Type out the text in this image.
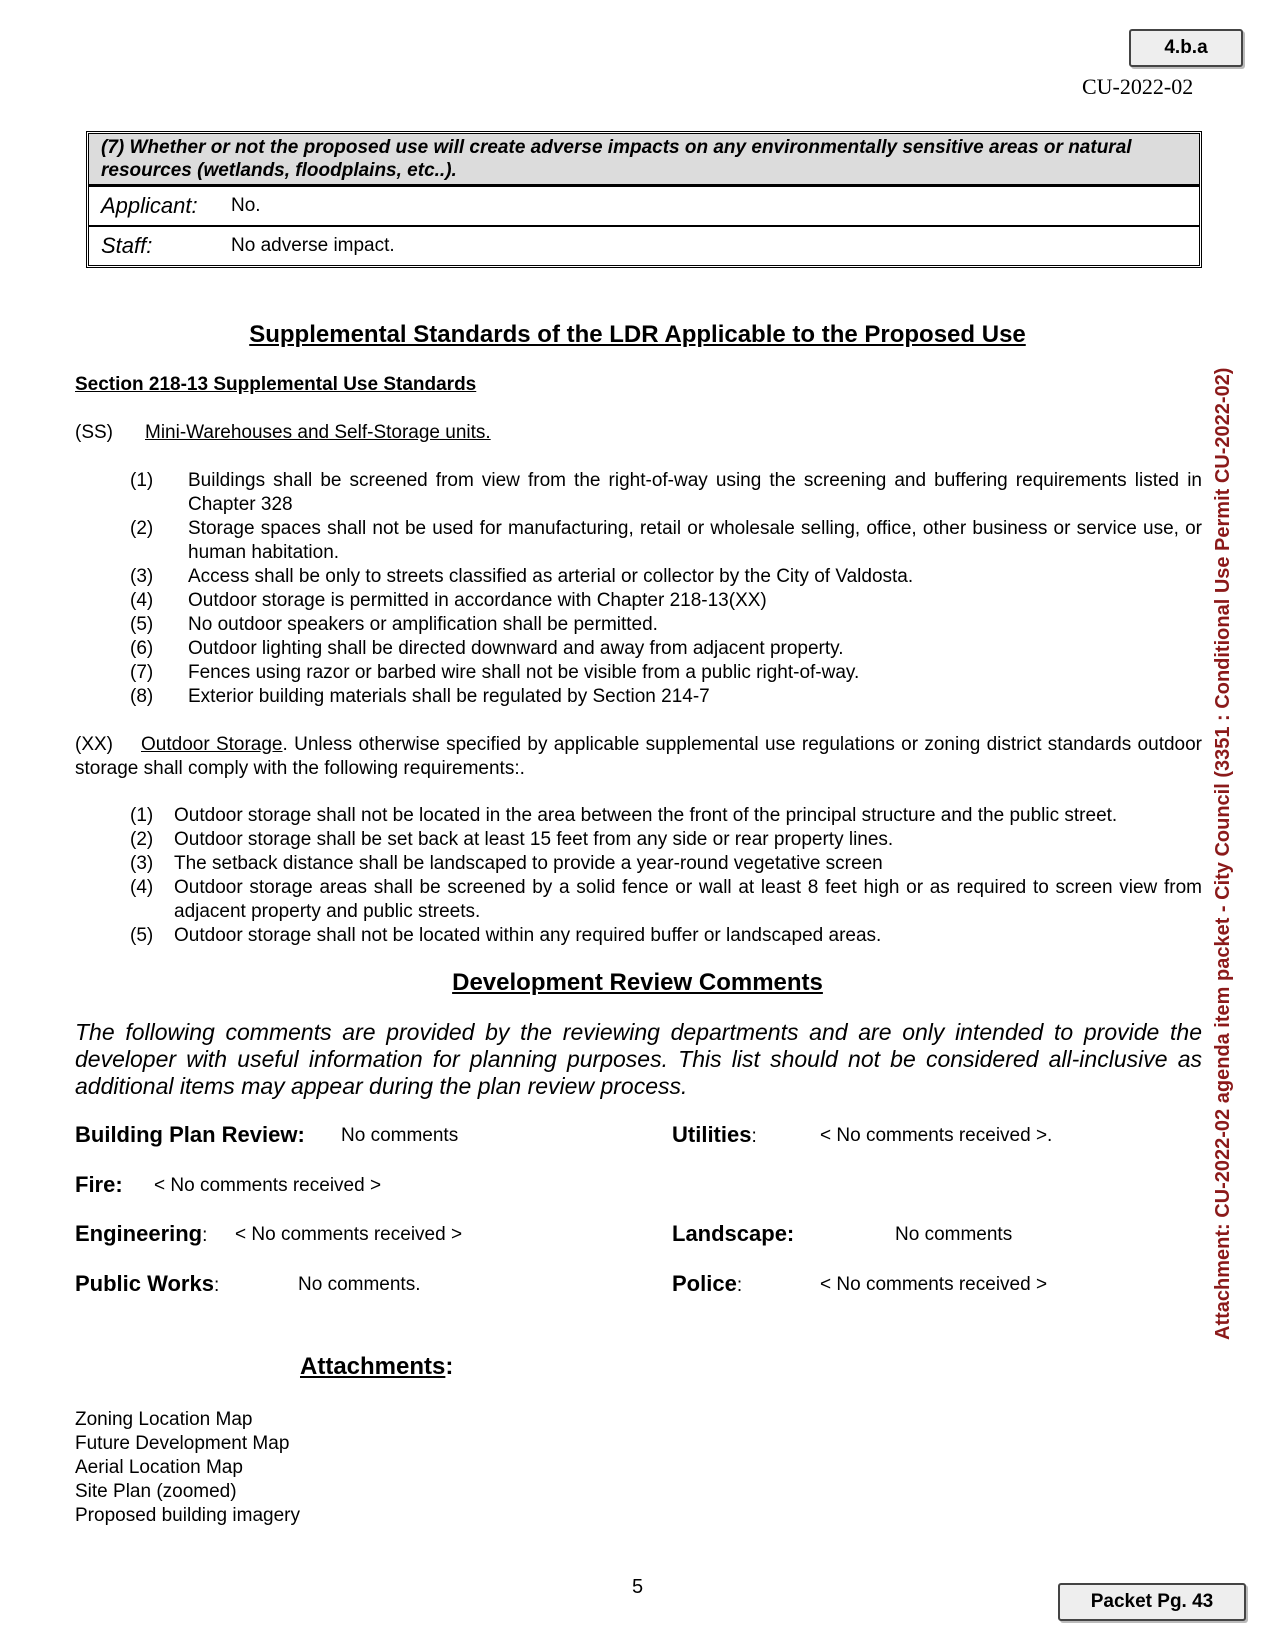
4.b.a
CU-2022-02
(7) Whether or not the proposed use will create adverse impacts on any environmentally sensitive areas or natural resources (wetlands, floodplains, etc..).
Applicant:	No.
Staff:	No adverse impact.
Supplemental Standards of the LDR Applicable to the Proposed Use
Section 218-13 Supplemental Use Standards
(SS) Mini-Warehouses and Self-Storage units.
(1)	Buildings shall be screened from view from the right-of-way using the screening and buffering requirements listed in Chapter 328
(2)	Storage spaces shall not be used for manufacturing, retail or wholesale selling, office, other business or service use, or human habitation.
(3)	Access shall be only to streets classified as arterial or collector by the City of Valdosta.
(4)	Outdoor storage is permitted in accordance with Chapter 218-13(XX)
(5)	No outdoor speakers or amplification shall be permitted.
(6)	Outdoor lighting shall be directed downward and away from adjacent property.
(7)	Fences using razor or barbed wire shall not be visible from a public right-of-way.
(8)	Exterior building materials shall be regulated by Section 214-7
(XX) Outdoor Storage. Unless otherwise specified by applicable supplemental use regulations or zoning district standards outdoor storage shall comply with the following requirements:.
(1)	Outdoor storage shall not be located in the area between the front of the principal structure and the public street.
(2)	Outdoor storage shall be set back at least 15 feet from any side or rear property lines.
(3)	The setback distance shall be landscaped to provide a year-round vegetative screen
(4)	Outdoor storage areas shall be screened by a solid fence or wall at least 8 feet high or as required to screen view from adjacent property and public streets.
(5)	Outdoor storage shall not be located within any required buffer or landscaped areas.
Development Review Comments
The following comments are provided by the reviewing departments and are only intended to provide the developer with useful information for planning purposes. This list should not be considered all-inclusive as additional items may appear during the plan review process.
Building Plan Review: No comments	Utilities:	< No comments received >.
Fire: < No comments received >
Engineering: < No comments received >	Landscape:	No comments
Public Works:	No comments.	Police:	< No comments received >
Attachments:
Zoning Location Map
Future Development Map
Aerial Location Map
Site Plan (zoomed)
Proposed building imagery
5
Packet Pg. 43
Attachment: CU-2022-02 agenda item packet - City Council (3351 : Conditional Use Permit CU-2022-02)
